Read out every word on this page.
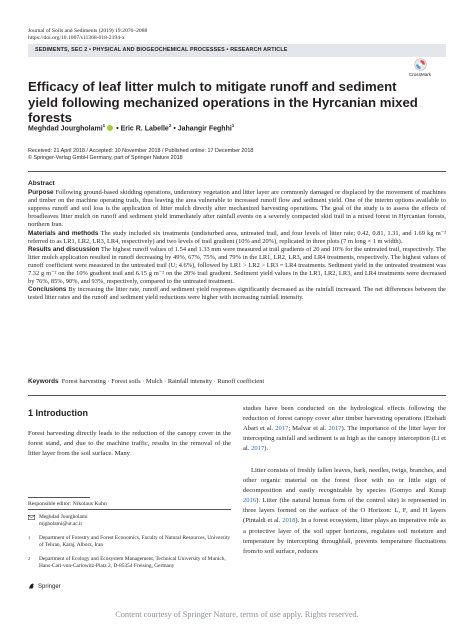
Journal of Soils and Sediments (2019) 19:2076–2088
https://doi.org/10.1007/s11368-018-2194-x
SEDIMENTS, SEC 2 • PHYSICAL AND BIOGEOCHEMICAL PROCESSES • RESEARCH ARTICLE
CrossMark
Efficacy of leaf litter mulch to mitigate runoff and sediment yield following mechanized operations in the Hyrcanian mixed forests
Meghdad Jourgholami$^1$ • Eric R. Labelle$^2$ • Jahangir Feghhi$^1$
Received: 21 April 2018 / Accepted: 10 November 2018 / Published online: 17 December 2018
© Springer-Verlag GmbH Germany, part of Springer Nature 2018

Abstract

Purpose Following ground-based skidding operations, understory vegetation and litter layer are commonly damaged or displaced by the movement of machines and timber on the machine operating trails, thus leaving the area vulnerable to increased runoff flow and sediment yield. One of the interim options available to suppress runoff and soil loss is the application of litter mulch directly after mechanized harvesting operations. The goal of the study is to assess the effects of broadleaves litter mulch on runoff and sediment yield immediately after rainfall events on a severely compacted skid trail in a mixed forest in Hyrcanian forests, northern Iran.

Materials and methods The study included six treatments (undisturbed area, untreated trail, and four levels of litter rate; 0.42, 0.81, 1.31, and 1.69 kg m⁻² referred to as LR1, LR2, LR3, LR4, respectively) and two levels of trail gradient (10% and 20%), replicated in three plots (7 m long × 1 m width).

Results and discussion The highest runoff values of 1.54 and 1.33 mm were measured at trail gradients of 20 and 10% for the untreated trail, respectively. The litter mulch application resulted in runoff decreasing by 49%, 67%, 75%, and 79% in the LR1, LR2, LR3, and LR4 treatments, respectively. The highest values of runoff coefficient were measured in the untreated trail (U; 4.6%), followed by LR1 > LR2 > LR3 = LR4 treatments. Sediment yield in the untreated treatment was 7.32 g m⁻² on the 10% gradient trail and 6.15 g m⁻² on the 20% trail gradient. Sediment yield values in the LR1, LR2, LR3, and LR4 treatments were decreased by 76%, 85%, 90%, and 93%, respectively, compared to the untreated treatment.

Conclusions By increasing the litter rate, runoff and sediment yield responses significantly decreased as the rainfall increased. The net differences between the tested litter rates and the runoff and sediment yield reductions were higher with increasing rainfall intensity.

Keywords Forest harvesting · Forest soils · Mulch · Rainfall intensity · Runoff coefficient
1 Introduction

Forest harvesting directly leads to the reduction of the canopy cover in the forest stand, and due to the machine traffic, results in the removal of the litter layer from the soil surface. Many

Responsible editor: Nikolaus Kuhn
Meghdad Jourgholami
mjgholami@ut.ac.ir
1 Department of Forestry and Forest Economics, Faculty of Natural Resources, University of Tehran, Karaj, Alborz, Iran
2 Department of Ecology and Ecosystem Management, Technical University of Munich, Hans-Carl-von-Carlowitz-Platz 2, D-85354 Freising, Germany

studies have been conducted on the hydrological effects following the reduction of forest canopy cover after timber harvesting operations (Etehadi Abari et al. 2017; Malvar et al. 2017). The importance of the litter layer for intercepting rainfall and sediment is as high as the canopy interception (Li et al. 2017).

Litter consists of freshly fallen leaves, bark, needles, twigs, branches, and other organic material on the forest floor with no or little sign of decomposition and easily recognizable by species (Gomyo and Kuraji 2016). Litter (the natural humus form of the control site) is represented in three layers formed on the surface of the O Horizon: L, F, and H layers (Pintaldi et al. 2018). In a forest ecosystem, litter plays an imperative role as a protective layer of the soil upper horizons, regulates soil moisture and temperature by intercepting throughfall, prevents temperature fluctuations from/to soil surface, reduces

Springer
Content courtesy of Springer Nature, terms of use apply. Rights reserved.
